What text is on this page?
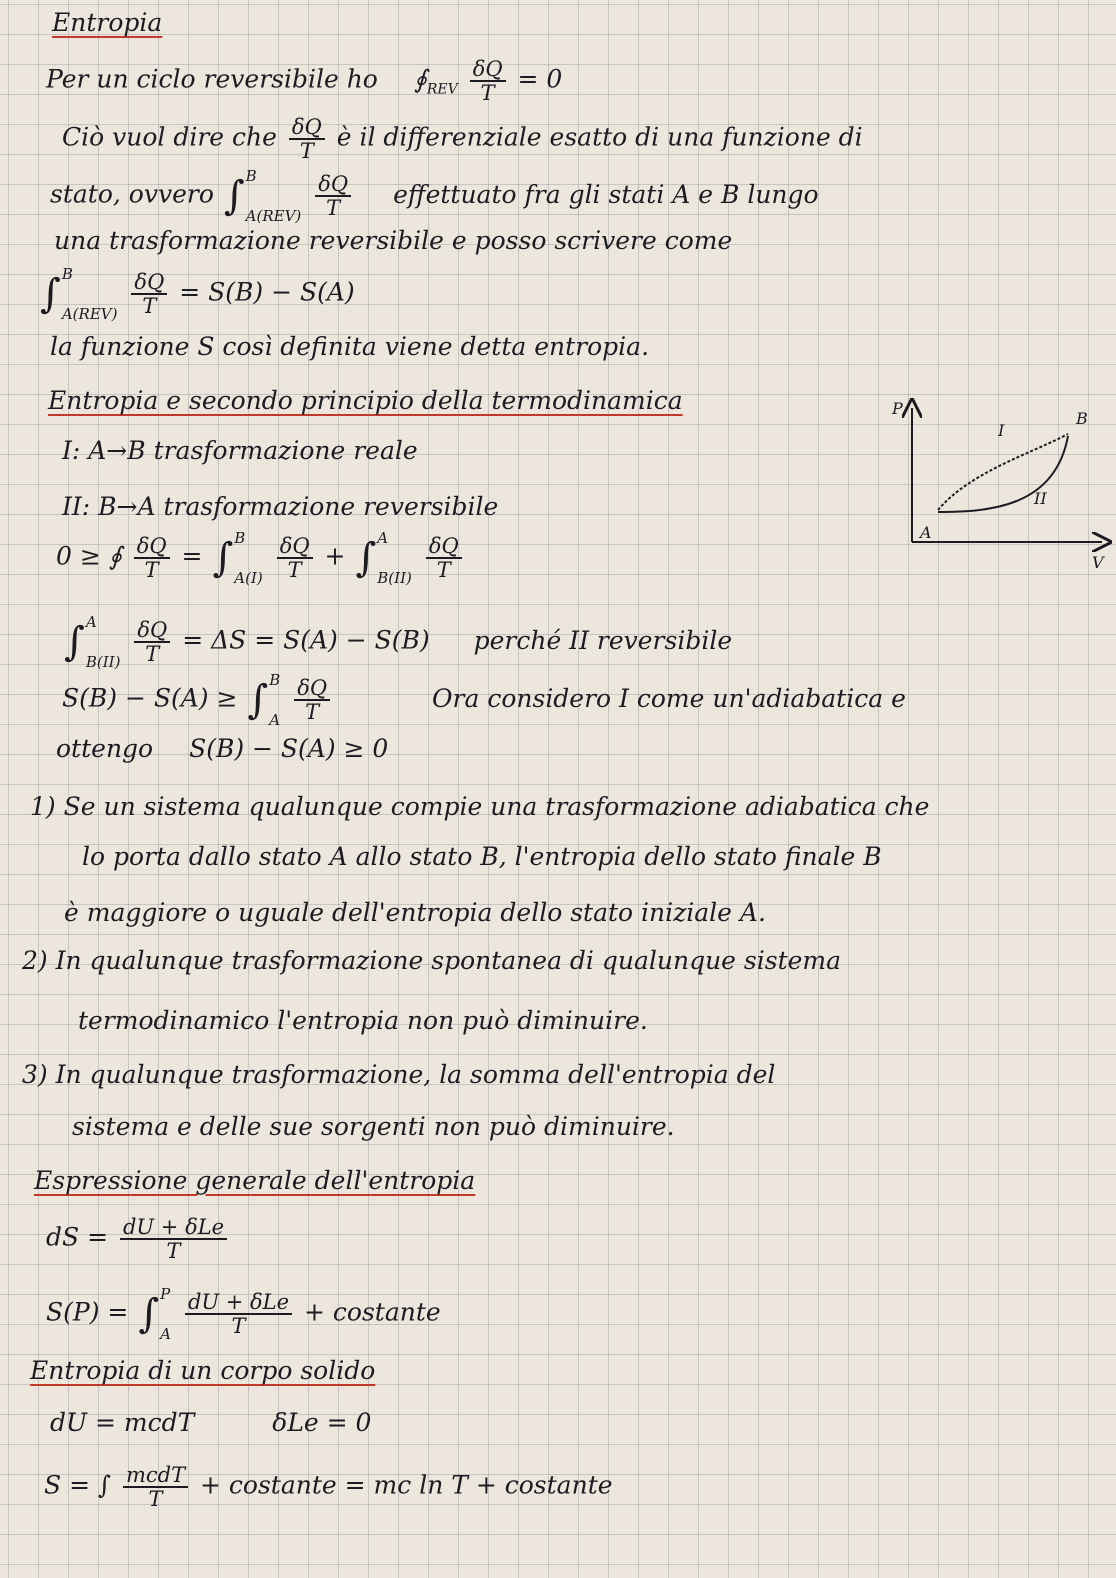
Entropia
Per un ciclo reversibile ho $∮_{REV} \frac{\delta Q}{T} = 0$
Ciò vuol dire che $\frac{\delta Q}{T}$ è il differenziale esatto di una funzione di
stato, ovvero ∫ B
A(REV)
$\frac{\delta Q}{T}$ effettuato fra gli stati A e B lungo
una trasformazione reversibile e posso scrivere come
∫ B
A(REV)
$\frac{\delta Q}{T} = S(B) - S(A)$
la funzione S così definita viene detta entropia.
Entropia e secondo principio della termodinamica
I: A→B trasformazione reale
II: B→A trasformazione reversibile
0 ≥ ∮ $\frac{\delta Q}{T}$ = ∫ B
A(I)
$\frac{\delta Q}{T}$ + ∫ A
B(II)
$\frac{\delta Q}{T}$
∫ A
B(II)
$\frac{\delta Q}{T} = \Delta S = S(A) - S(B)$ perché II reversibile
S(B) − S(A) ≥ ∫ B
A
$\frac{\delta Q}{T}$	Ora considero I come un'adiabatica e
ottengo S(B) − S(A) ≥ 0
1) Se un sistema qualunque compie una trasformazione adiabatica che
lo porta dallo stato A allo stato B, l'entropia dello stato finale B
è maggiore o uguale dell'entropia dello stato iniziale A.
2) In qualunque trasformazione spontanea di qualunque sistema
termodinamico l'entropia non può diminuire.
3) In qualunque trasformazione, la somma dell'entropia del
sistema e delle sue sorgenti non può diminuire.
Espressione generale dell'entropia
dS = $\frac{\text{dU + δLe}}{T}$
S(P) = ∫ P
A
$\frac{\text{dU + δLe}}{T}$ + costante
Entropia di un corpo solido
dU = mcdT	δLe = 0
S = ∫ $\frac{\text{mcdT}}{T}$ + costante = mc ln T + costante
P
V
A
B
I
II
